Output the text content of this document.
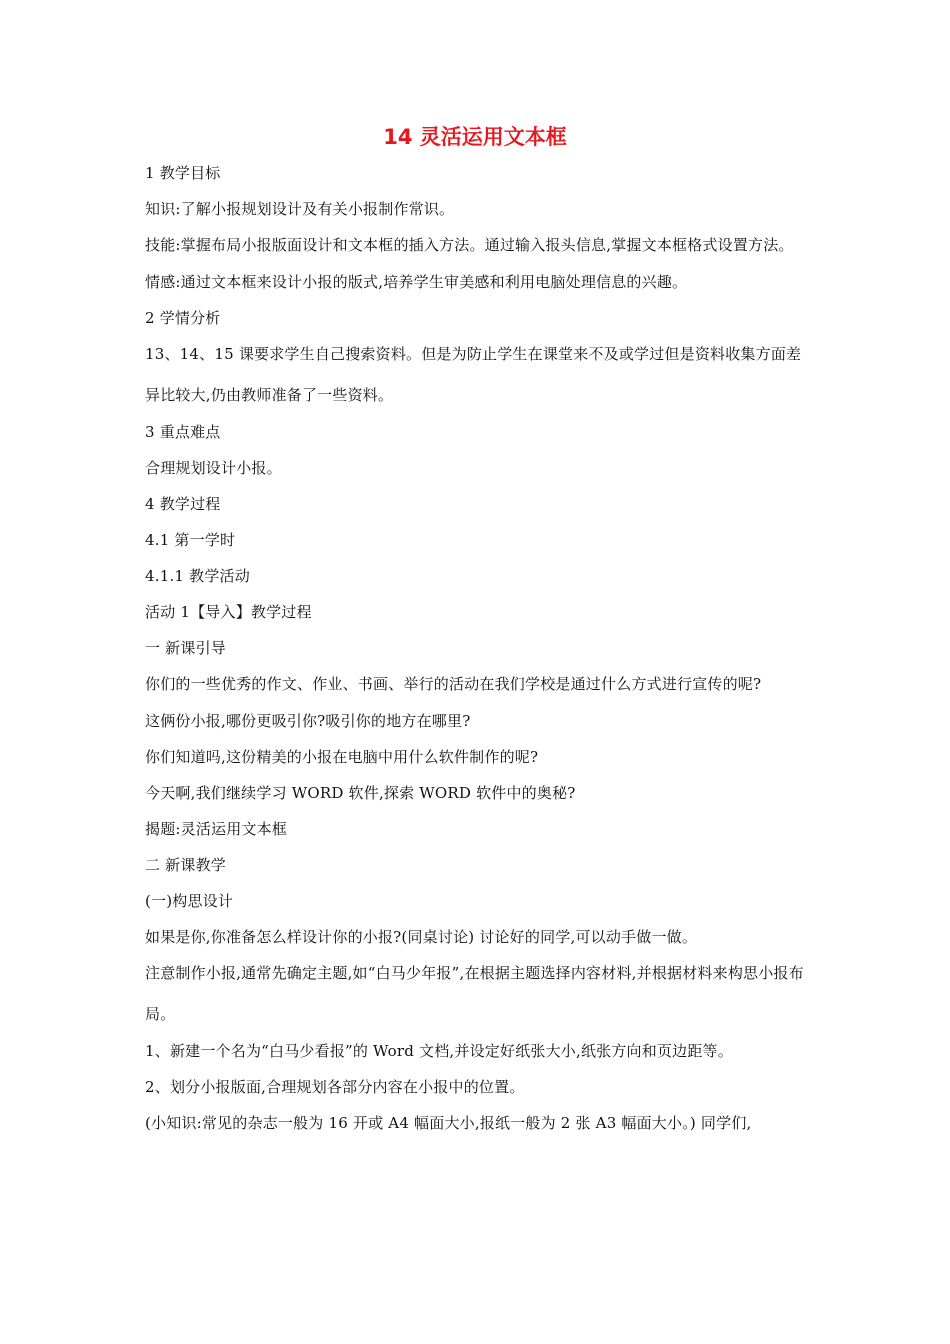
14 灵活运用文本框

1 教学目标

知识:了解小报规划设计及有关小报制作常识。

技能:掌握布局小报版面设计和文本框的插入方法。通过输入报头信息,掌握文本框格式设置方法。

情感:通过文本框来设计小报的版式,培养学生审美感和利用电脑处理信息的兴趣。

2 学情分析

13、14、15 课要求学生自己搜索资料。但是为防止学生在课堂来不及或学过但是资料收集方面差异比较大,仍由教师准备了一些资料。

3 重点难点

合理规划设计小报。

4 教学过程

4.1 第一学时

4.1.1 教学活动

活动 1【导入】教学过程

一 新课引导

你们的一些优秀的作文、作业、书画、举行的活动在我们学校是通过什么方式进行宣传的呢?

这俩份小报,哪份更吸引你?吸引你的地方在哪里?

你们知道吗,这份精美的小报在电脑中用什么软件制作的呢?

今天啊,我们继续学习 WORD 软件,探索 WORD 软件中的奥秘?

揭题:灵活运用文本框

二 新课教学

(一)构思设计

如果是你,你准备怎么样设计你的小报?(同桌讨论) 讨论好的同学,可以动手做一做。

注意制作小报,通常先确定主题,如“白马少年报”,在根据主题选择内容材料,并根据材料来构思小报布局。

1、新建一个名为“白马少看报”的 Word 文档,并设定好纸张大小,纸张方向和页边距等。

2、划分小报版面,合理规划各部分内容在小报中的位置。

(小知识:常见的杂志一般为 16 开或 A4 幅面大小,报纸一般为 2 张 A3 幅面大小。) 同学们,
